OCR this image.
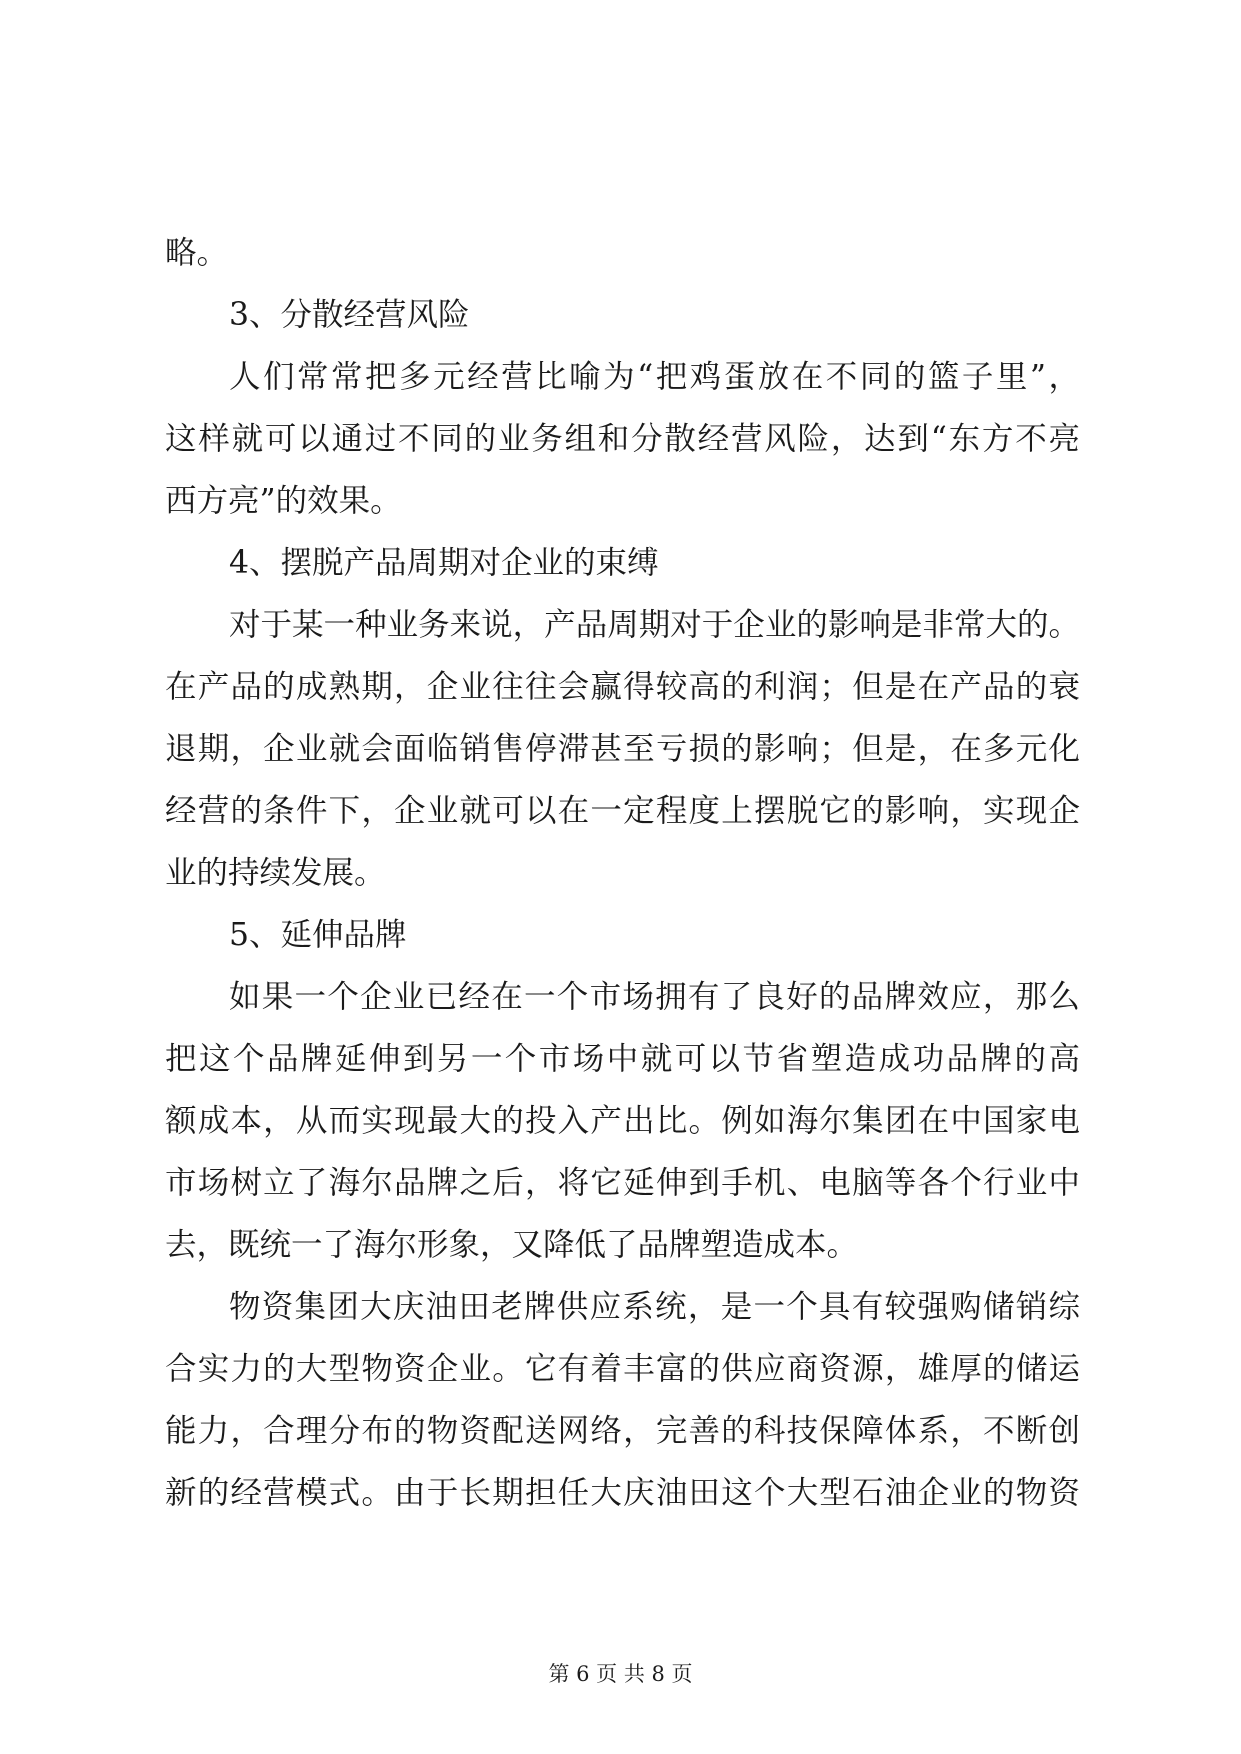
略。
3、分散经营风险
人们常常把多元经营比喻为“把鸡蛋放在不同的篮子里”，
这样就可以通过不同的业务组和分散经营风险，达到“东方不亮
西方亮”的效果。
4、摆脱产品周期对企业的束缚
对于某一种业务来说，产品周期对于企业的影响是非常大的。
在产品的成熟期，企业往往会赢得较高的利润；但是在产品的衰
退期，企业就会面临销售停滞甚至亏损的影响；但是，在多元化
经营的条件下，企业就可以在一定程度上摆脱它的影响，实现企
业的持续发展。
5、延伸品牌
如果一个企业已经在一个市场拥有了良好的品牌效应，那么
把这个品牌延伸到另一个市场中就可以节省塑造成功品牌的高
额成本，从而实现最大的投入产出比。例如海尔集团在中国家电
市场树立了海尔品牌之后，将它延伸到手机、电脑等各个行业中
去，既统一了海尔形象，又降低了品牌塑造成本。
物资集团大庆油田老牌供应系统，是一个具有较强购储销综
合实力的大型物资企业。它有着丰富的供应商资源，雄厚的储运
能力，合理分布的物资配送网络，完善的科技保障体系，不断创
新的经营模式。由于长期担任大庆油田这个大型石油企业的物资
第 6 页 共 8 页
